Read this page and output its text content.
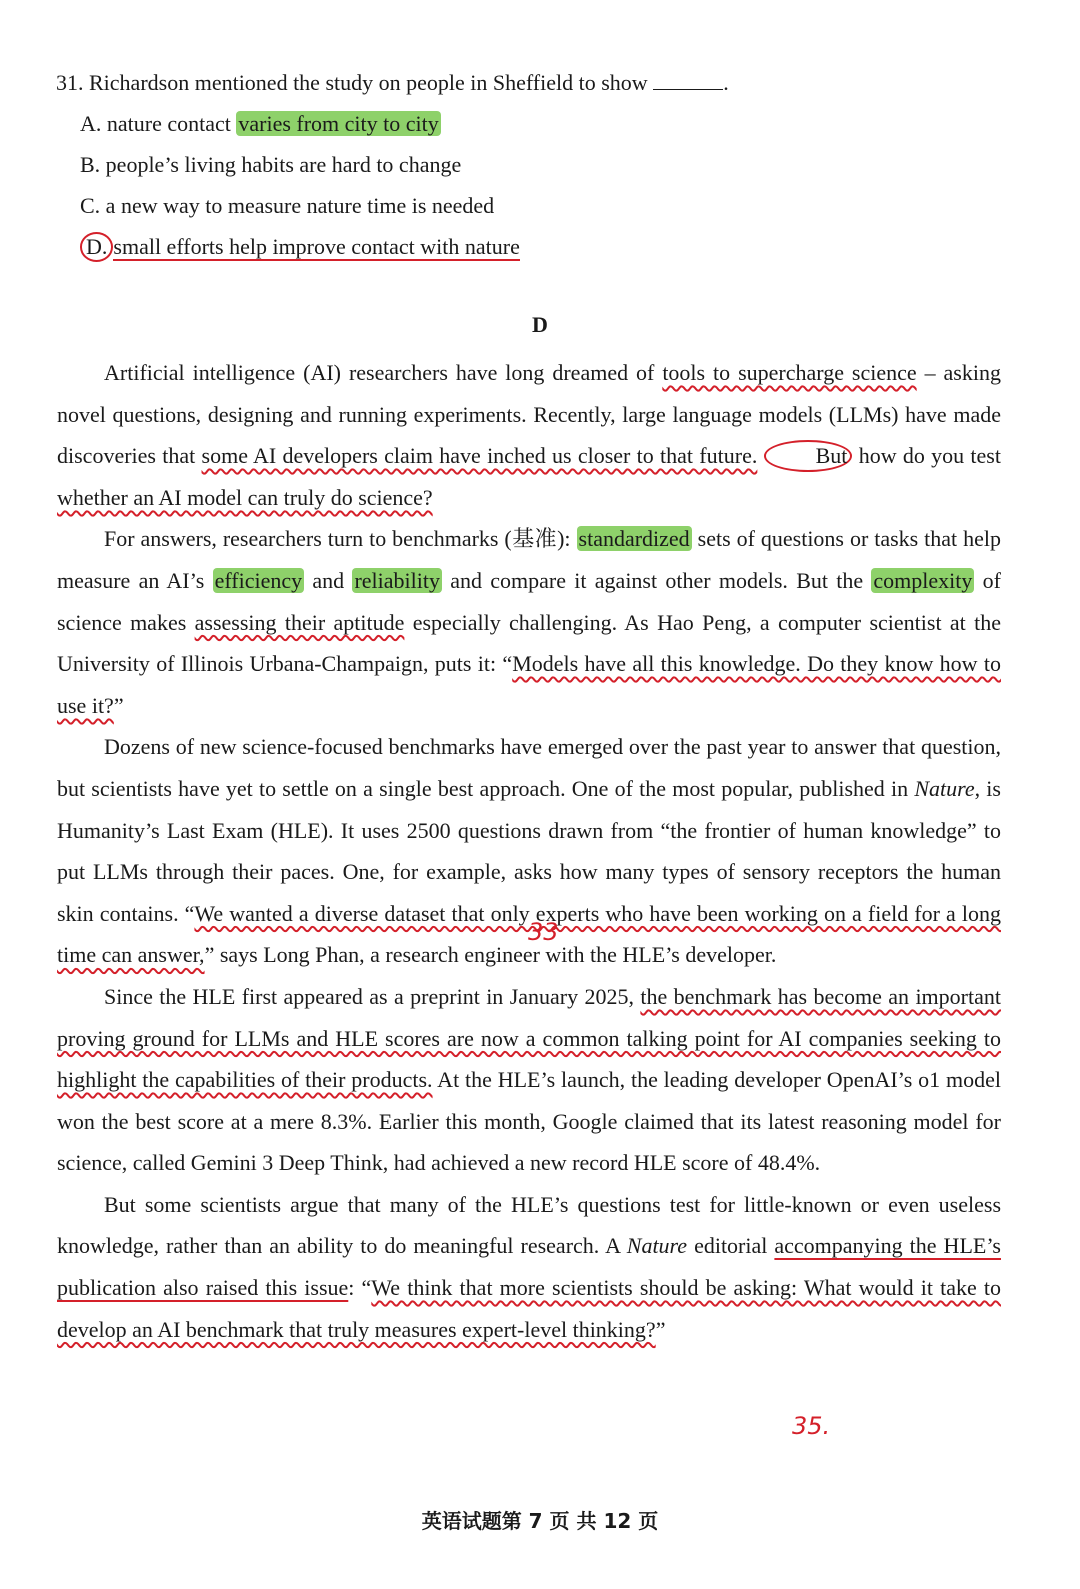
31. Richardson mentioned the study on people in Sheffield to show	.
A. nature contact varies from city to city
B. people’s living habits are hard to change
C. a new way to measure nature time is needed
D. small efforts help improve contact with nature
D

Artificial intelligence (AI) researchers have long dreamed of tools to supercharge science – asking novel questions, designing and running experiments. Recently, large language models (LLMs) have made discoveries that some AI developers claim have inched us closer to that future.	But how do you test whether an AI model can truly do science?

For answers, researchers turn to benchmarks (基准): standardized sets of questions or tasks that help measure an AI’s efficiency and reliability and compare it against other models. But the complexity of science makes assessing their aptitude especially challenging. As Hao Peng, a computer scientist at the University of Illinois Urbana-Champaign, puts it: “Models have all this knowledge. Do they know how to use it?”

Dozens of new science-focused benchmarks have emerged over the past year to answer that question, but scientists have yet to settle on a single best approach. One of the most popular, published in Nature, is Humanity’s Last Exam (HLE). It uses 2500 questions drawn from “the frontier of human knowledge” to put LLMs through their paces. One, for example, asks how many types of sensory receptors the human skin contains. “We wanted a diverse dataset that only experts who have been working on a field for a long time can answer,” says Long Phan, a research engineer with the HLE’s developer.

Since the HLE first appeared as a preprint in January 2025, the benchmark has become an important proving ground for LLMs and HLE scores are now a common talking point for AI companies seeking to highlight the capabilities of their products. At the HLE’s launch, the leading developer OpenAI’s o1 model won the best score at a mere 8.3%. Earlier this month, Google claimed that its latest reasoning model for science, called Gemini 3 Deep Think, had achieved a new record HLE score of 48.4%.

But some scientists argue that many of the HLE’s questions test for little-known or even useless knowledge, rather than an ability to do meaningful research. A Nature editorial accompanying the HLE’s publication also raised this issue: “We think that more scientists should be asking: What would it take to develop an AI benchmark that truly measures expert-level thinking?”

33
35.
英语试题第 7 页 共 12 页
